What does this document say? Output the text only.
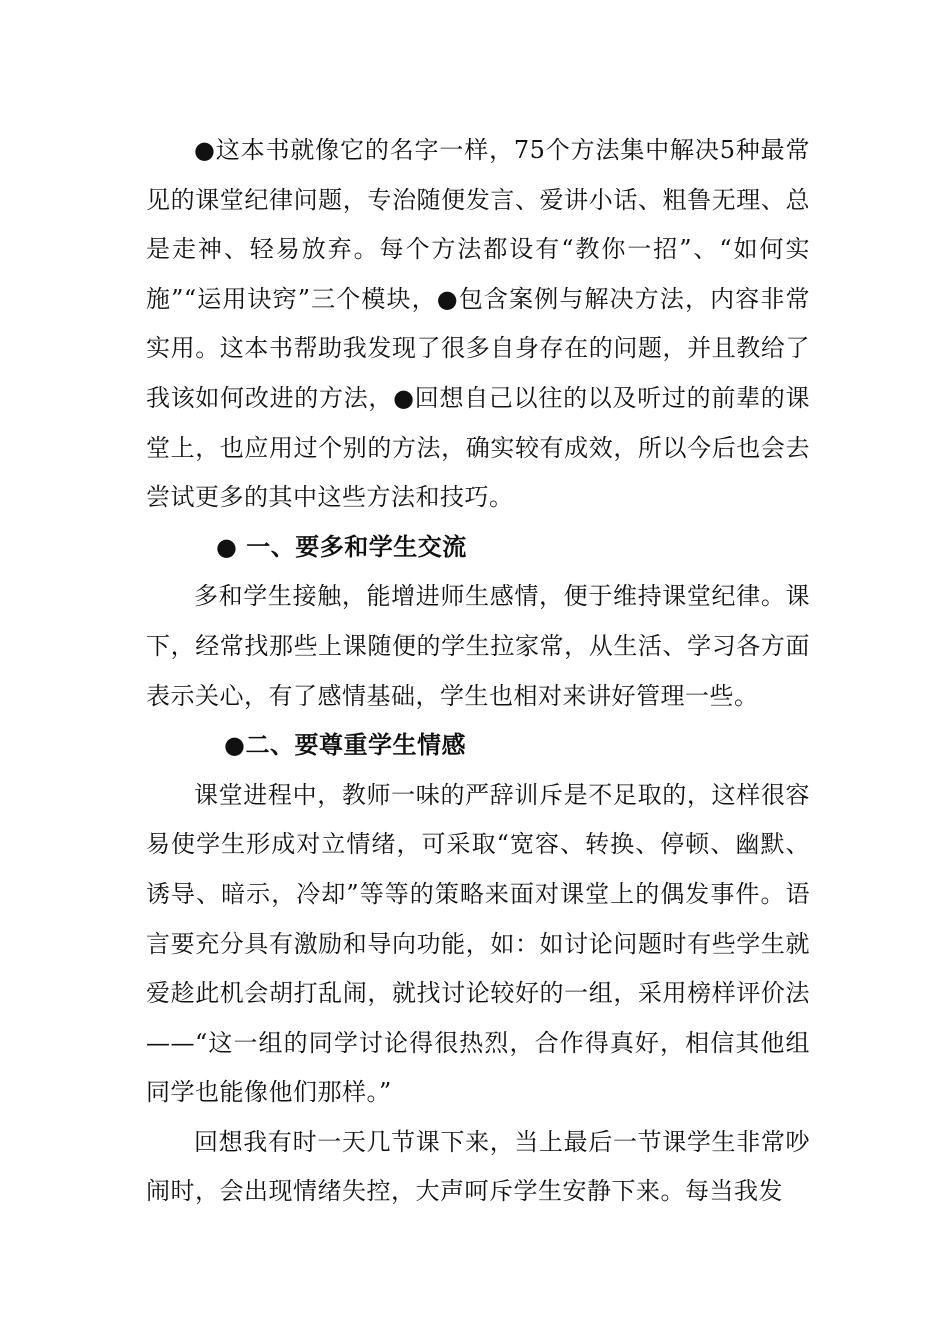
●这本书就像它的名字一样，75个方法集中解决5种最常见的课堂纪律问题，专治随便发言、爱讲小话、粗鲁无理、总是走神、轻易放弃。每个方法都设有“教你一招”、“如何实施”“运用诀窍”三个模块，●包含案例与解决方法，内容非常实用。这本书帮助我发现了很多自身存在的问题，并且教给了我该如何改进的方法，●回想自己以往的以及听过的前辈的课堂上，也应用过个别的方法，确实较有成效，所以今后也会去尝试更多的其中这些方法和技巧。

● 一、要多和学生交流

多和学生接触，能增进师生感情，便于维持课堂纪律。课下，经常找那些上课随便的学生拉家常，从生活、学习各方面表示关心，有了感情基础，学生也相对来讲好管理一些。

●二、要尊重学生情感

课堂进程中，教师一味的严辞训斥是不足取的，这样很容易使学生形成对立情绪，可采取“宽容、转换、停顿、幽默、诱导、暗示，冷却”等等的策略来面对课堂上的偶发事件。语言要充分具有激励和导向功能，如：如讨论问题时有些学生就爱趁此机会胡打乱闹，就找讨论较好的一组，采用榜样评价法——“这一组的同学讨论得很热烈，合作得真好，相信其他组同学也能像他们那样。”

回想我有时一天几节课下来，当上最后一节课学生非常吵闹时，会出现情绪失控，大声呵斥学生安静下来。每当我发
